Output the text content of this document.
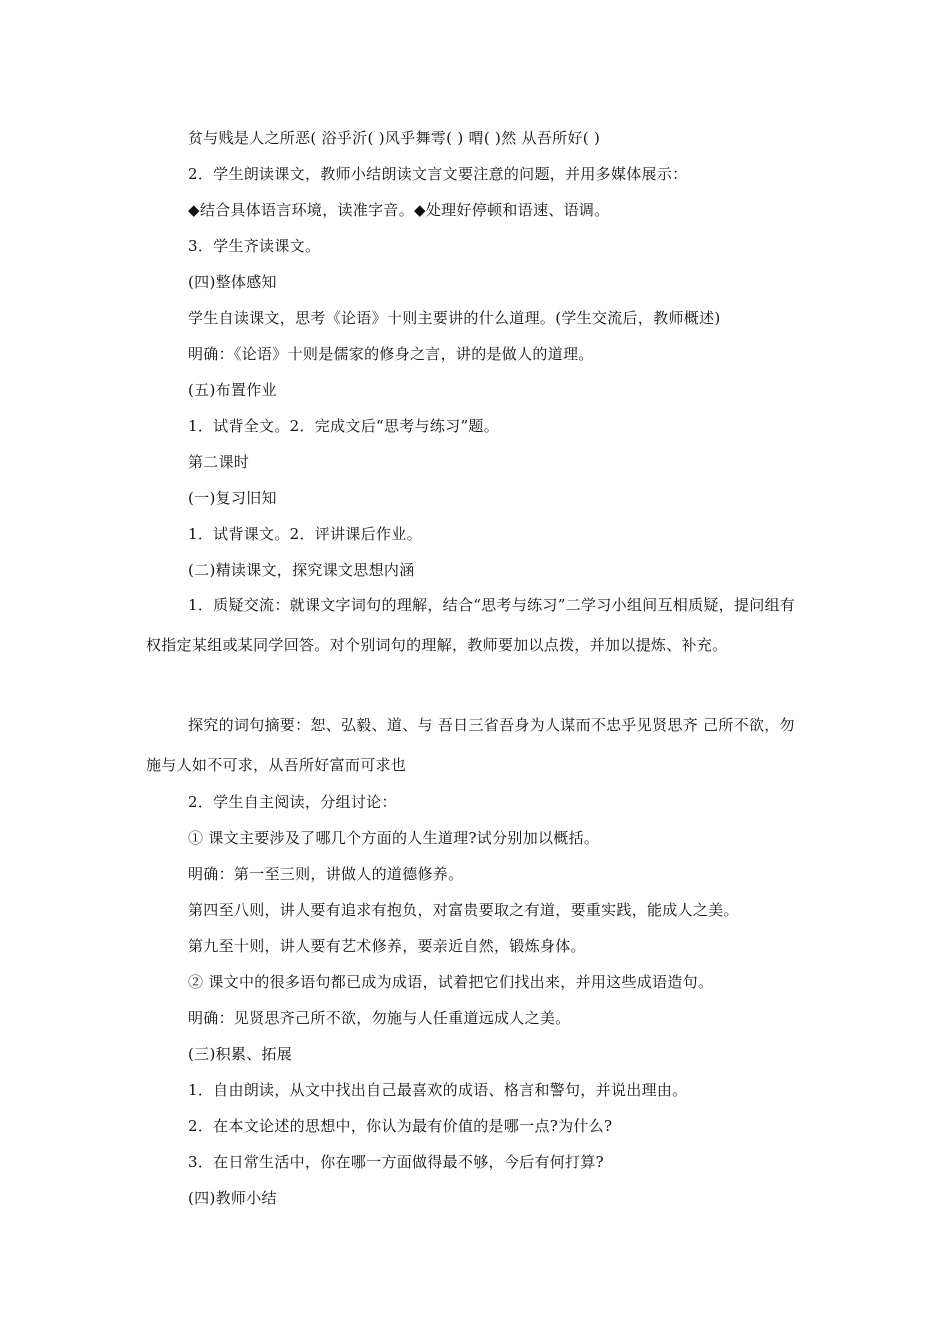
贫与贱是人之所恶( 浴乎沂( )风乎舞雩( ) 喟( )然 从吾所好( )
2．学生朗读课文，教师小结朗读文言文要注意的问题，并用多媒体展示：
◆结合具体语言环境，读准字音。◆处理好停顿和语速、语调。
3．学生齐读课文。
(四)整体感知
学生自读课文，思考《论语》十则主要讲的什么道理。(学生交流后，教师概述)
明确：《论语》十则是儒家的修身之言，讲的是做人的道理。
(五)布置作业
1．试背全文。2．完成文后“思考与练习”题。
第二课时
(一)复习旧知
1．试背课文。2．评讲课后作业。
(二)精读课文，探究课文思想内涵
1．质疑交流：就课文字词句的理解，结合“思考与练习”二学习小组间互相质疑，提问组有权指定某组或某同学回答。对个别词句的理解，教师要加以点拨，并加以提炼、补充。
探究的词句摘要：恕、弘毅、道、与 吾日三省吾身为人谋而不忠乎见贤思齐 己所不欲，勿施与人如不可求，从吾所好富而可求也
2．学生自主阅读，分组讨论：
① 课文主要涉及了哪几个方面的人生道理?试分别加以概括。
明确：第一至三则，讲做人的道德修养。
第四至八则，讲人要有追求有抱负，对富贵要取之有道，要重实践，能成人之美。
第九至十则，讲人要有艺术修养，要亲近自然，锻炼身体。
② 课文中的很多语句都已成为成语，试着把它们找出来，并用这些成语造句。
明确：见贤思齐己所不欲，勿施与人任重道远成人之美。
(三)积累、拓展
1．自由朗读，从文中找出自己最喜欢的成语、格言和警句，并说出理由。
2．在本文论述的思想中，你认为最有价值的是哪一点?为什么?
3．在日常生活中，你在哪一方面做得最不够，今后有何打算?
(四)教师小结
